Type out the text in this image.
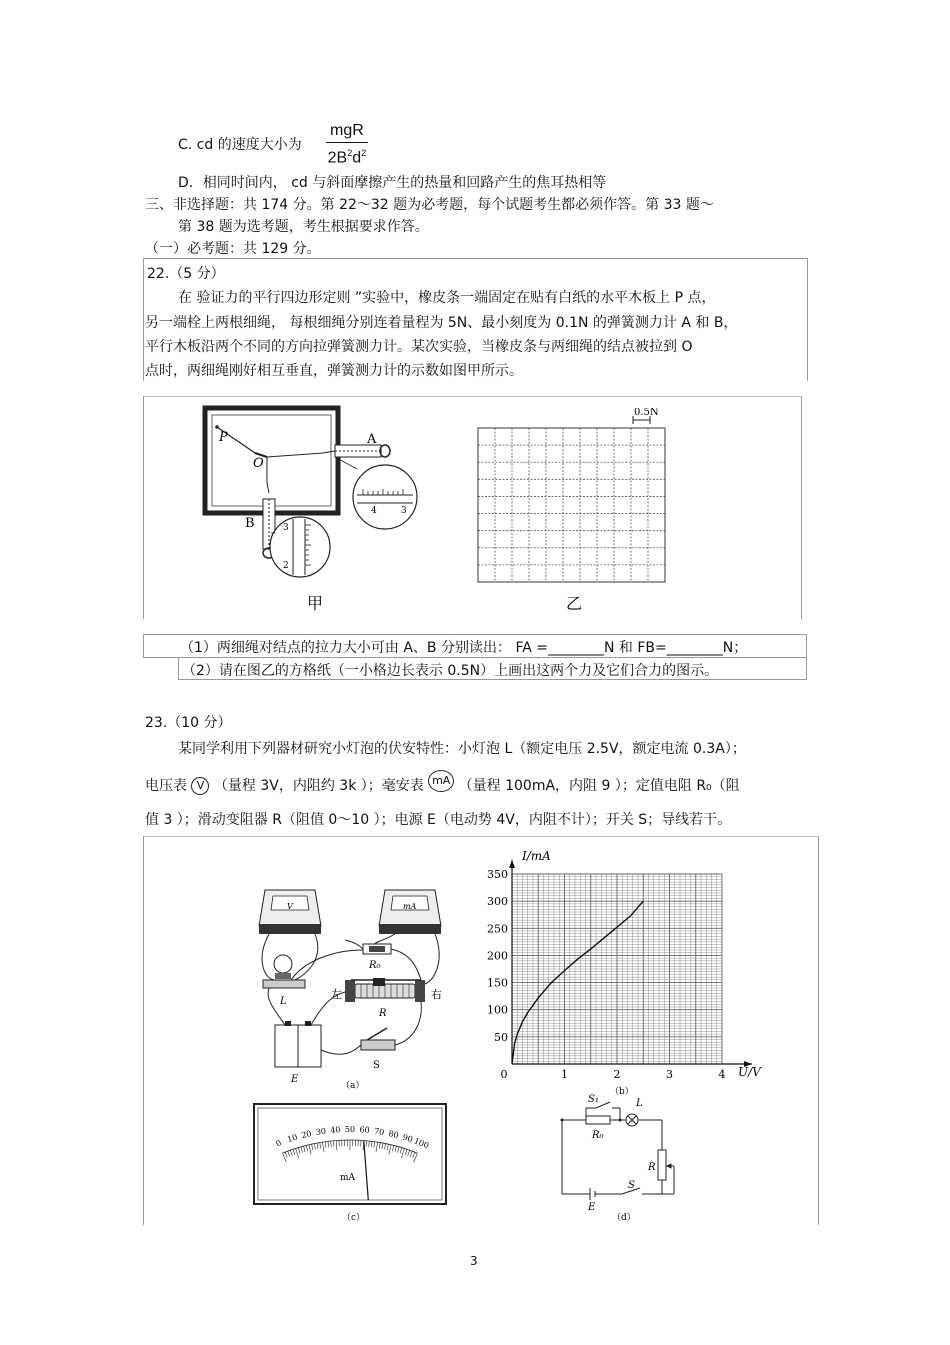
C. cd 的速度大小为
mgR
$2B^2d^2$
D．相同时间内， cd 与斜面摩擦产生的热量和回路产生的焦耳热相等
三、非选择题：共 174 分。第 22～32 题为必考题，每个试题考生都必须作答。第 33 题～
第 38 题为选考题，考生根据要求作答。
（一）必考题：共 129 分。
22.（5 分）
在 验证力的平行四边形定则 ”实验中，橡皮条一端固定在贴有白纸的水平木板上 P 点，
另一端栓上两根细绳， 每根细绳分别连着量程为 5N、最小刻度为 0.1N 的弹簧测力计 A 和 B，
平行木板沿两个不同的方向拉弹簧测力计。某次实验，当橡皮条与两细绳的结点被拉到 O
点时，两细绳刚好相互垂直，弹簧测力计的示数如图甲所示。
P
O
A
B
4	3
3
2
甲
0.5N
乙
（1）两细绳对结点的拉力大小可由 A、B 分别读出： FA =________N 和 FB=________N；
（2）请在图乙的方格纸（一小格边长表示 0.5N）上画出这两个力及它们合力的图示。
23.（10 分）
某同学利用下列器材研究小灯泡的伏安特性：小灯泡 L（额定电压 2.5V，额定电流 0.3A）；
电压表 V （量程 3V，内阻约 3k ）；毫安表 mA （量程 100mA，内阻 9 ）；定值电阻 R₀（阻
值 3 ）；滑动变阻器 R（阻值 0～10 ）；电源 E（电动势 4V，内阻不计）；开关 S；导线若干。
V	mA
R₀
L
左	右
R
E
S
（a）
350
300
250
200
150
100
50
0	1	2	3	4
I/mA
U/V
（b）
0 10 20 30 40 50 60 70 80 90
100
mA
（c）
S₁	L
R₀
R
E
S
（d）
3
